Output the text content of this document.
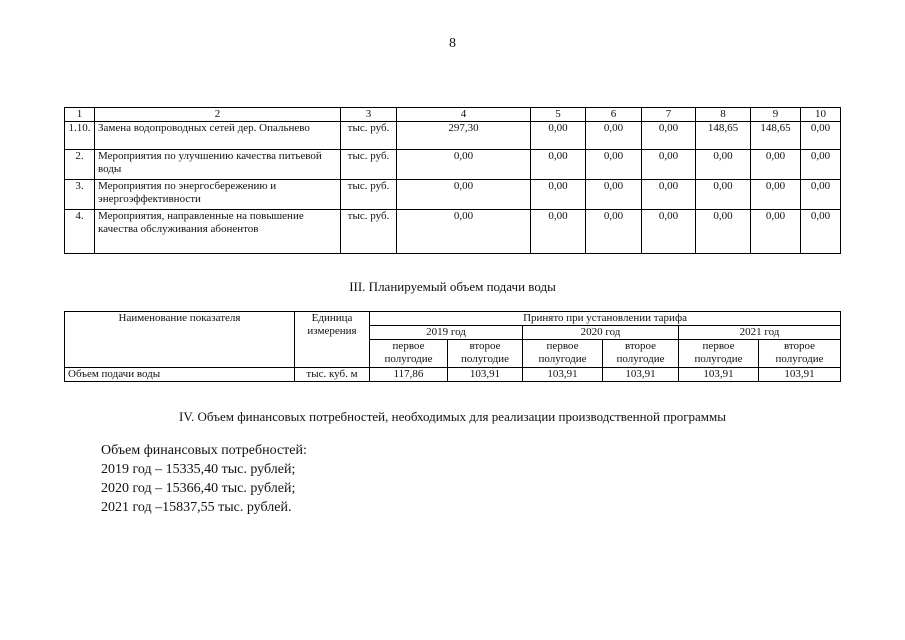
8
1	2	3	4	5	6	7	8	9	10
1.10.	Замена водопроводных сетей дер. Опальнево	тыс. руб.	297,30	0,00	0,00	0,00	148,65	148,65	0,00
2.	Мероприятия по улучшению качества питьевой воды	тыс. руб.	0,00	0,00	0,00	0,00	0,00	0,00	0,00
3.	Мероприятия по энергосбережению и энергоэффективности	тыс. руб.	0,00	0,00	0,00	0,00	0,00	0,00	0,00
4.	Мероприятия, направленные на повышение качества обслуживания абонентов	тыс. руб.	0,00	0,00	0,00	0,00	0,00	0,00	0,00
III. Планируемый объем подачи воды
Наименование показателя	Единица измерения	Принято при установлении тарифа					
		2019 год		2020 год		2021 год	
		первое полугодие	второе полугодие	первое полугодие	второе полугодие	первое полугодие	второе полугодие
Объем подачи воды	тыс. куб. м	117,86	103,91	103,91	103,91	103,91	103,91
IV. Объем финансовых потребностей, необходимых для реализации производственной программы
Объем финансовых потребностей:
2019 год – 15335,40 тыс. рублей;
2020 год – 15366,40 тыс. рублей;
2021 год –15837,55 тыс. рублей.
